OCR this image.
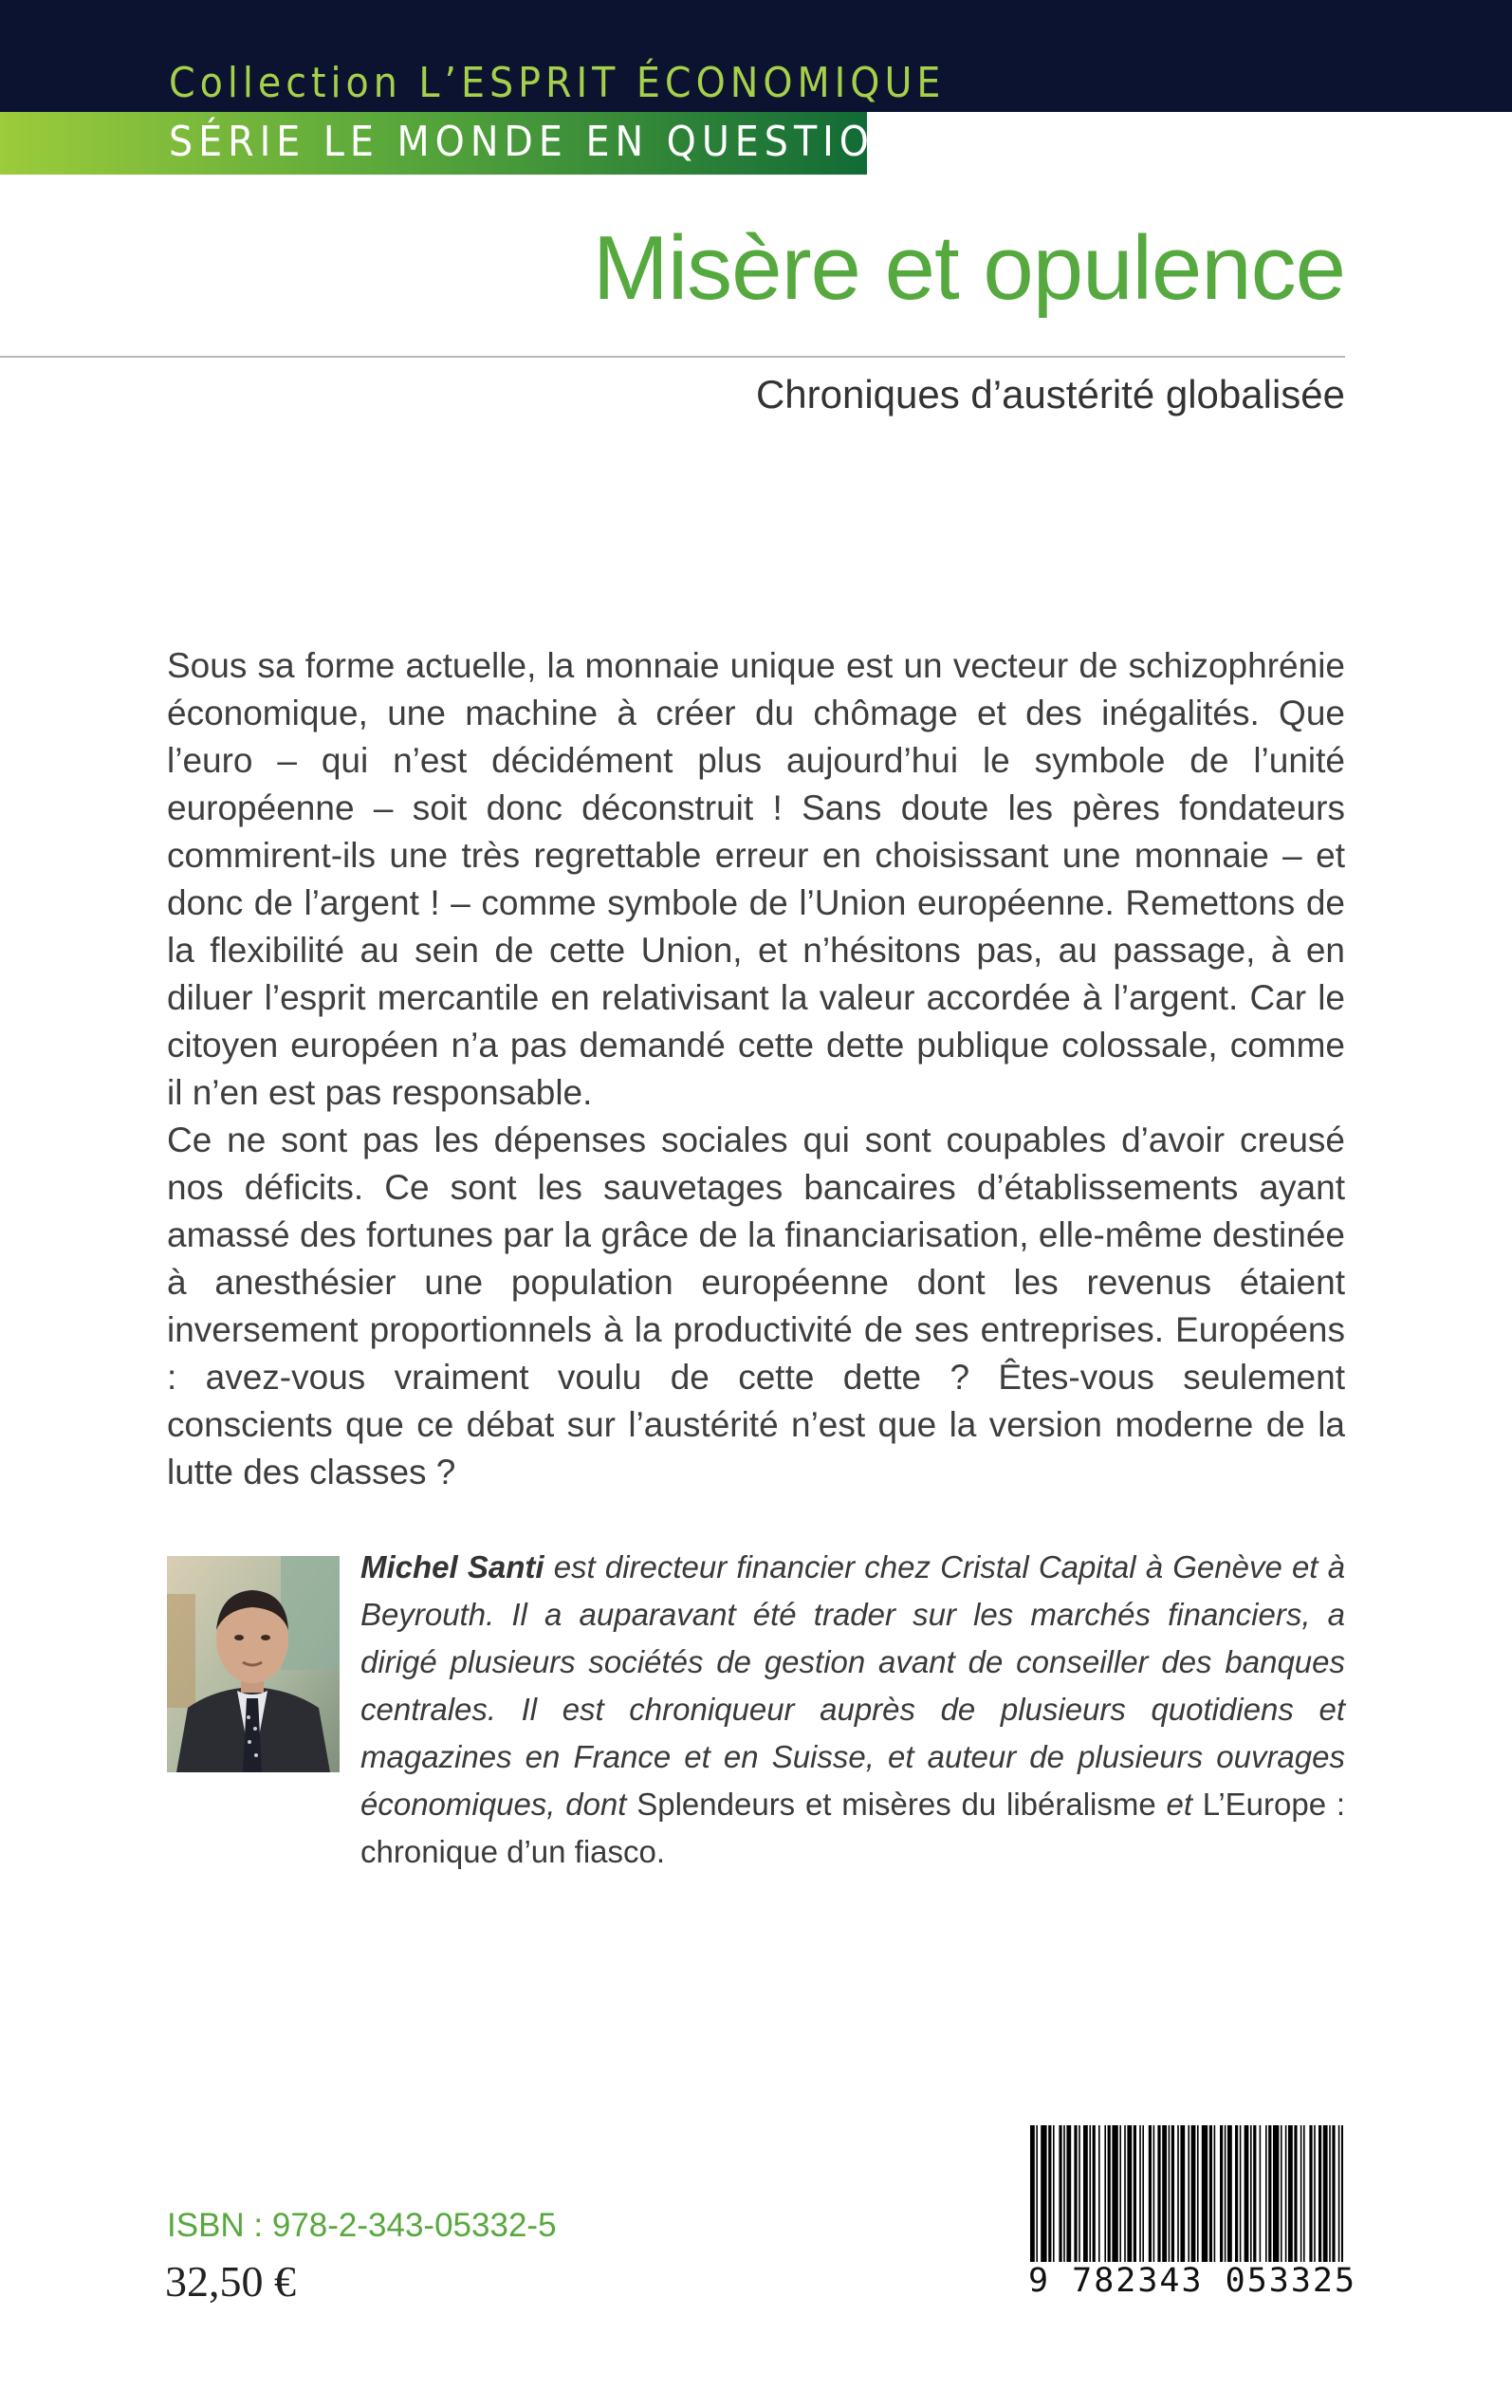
Collection L’ESPRIT ÉCONOMIQUE
SÉRIE LE MONDE EN QUESTION
Misère et opulence
Chroniques d’austérité globalisée

Sous sa forme actuelle, la monnaie unique est un vecteur de schizophrénie économique, une machine à créer du chômage et des inégalités. Que l’euro – qui n’est décidément plus aujourd’hui le symbole de l’unité européenne – soit donc déconstruit ! Sans doute les pères fondateurs commirent-ils une très regrettable erreur en choisissant une monnaie – et donc de l’argent ! – comme symbole de l’Union européenne. Remettons de la flexibilité au sein de cette Union, et n’hésitons pas, au passage, à en diluer l’esprit mercantile en relativisant la valeur accordée à l’argent. Car le citoyen européen n’a pas demandé cette dette publique colossale, comme il n’en est pas responsable.

Ce ne sont pas les dépenses sociales qui sont coupables d’avoir creusé nos déficits. Ce sont les sauvetages bancaires d’établissements ayant amassé des fortunes par la grâce de la financiarisation, elle-même destinée à anesthésier une population européenne dont les revenus étaient inversement proportionnels à la productivité de ses entreprises. Européens : avez-vous vraiment voulu de cette dette ? Êtes-vous seulement conscients que ce débat sur l’austérité n’est que la version moderne de la lutte des classes ?

Michel Santi est directeur financier chez Cristal Capital à Genève et à Beyrouth. Il a auparavant été trader sur les marchés financiers, a dirigé plusieurs sociétés de gestion avant de conseiller des banques centrales. Il est chroniqueur auprès de plusieurs quotidiens et magazines en France et en Suisse, et auteur de plusieurs ouvrages économiques, dont Splendeurs et misères du libéralisme et L’Europe : chronique d’un fiasco.

ISBN : 978-2-343-05332-5
32,50 €	9 782343 053325
